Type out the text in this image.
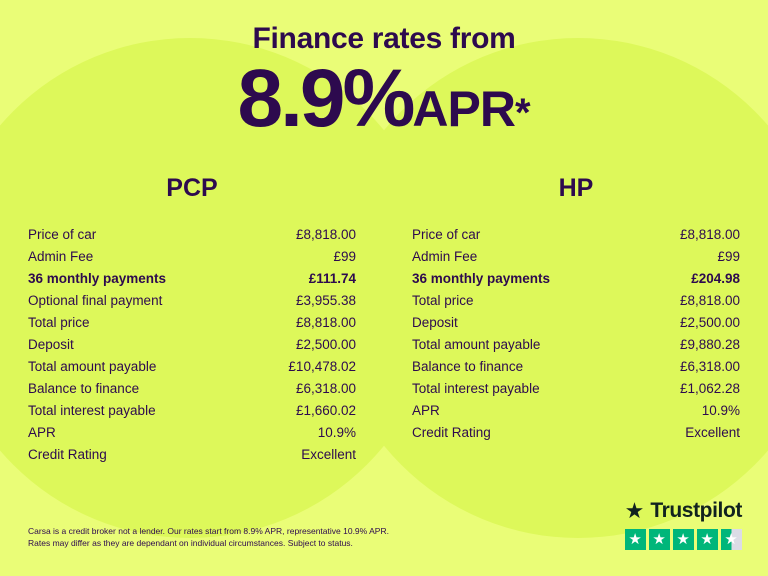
Finance rates from
8.9%APR*
PCP
Price of car	£8,818.00
Admin Fee	£99
36 monthly payments	£111.74
Optional final payment	£3,955.38
Total price	£8,818.00
Deposit	£2,500.00
Total amount payable	£10,478.02
Balance to finance	£6,318.00
Total interest payable	£1,660.02
APR	10.9%
Credit Rating	Excellent
HP
Price of car	£8,818.00
Admin Fee	£99
36 monthly payments	£204.98
Total price	£8,818.00
Deposit	£2,500.00
Total amount payable	£9,880.28
Balance to finance	£6,318.00
Total interest payable	£1,062.28
APR	10.9%
Credit Rating	Excellent
Carsa is a credit broker not a lender. Our rates start from 8.9% APR, representative 10.9% APR.
Rates may differ as they are dependant on individual circumstances. Subject to status.
★ Trustpilot
★ ★ ★ ★ ★
